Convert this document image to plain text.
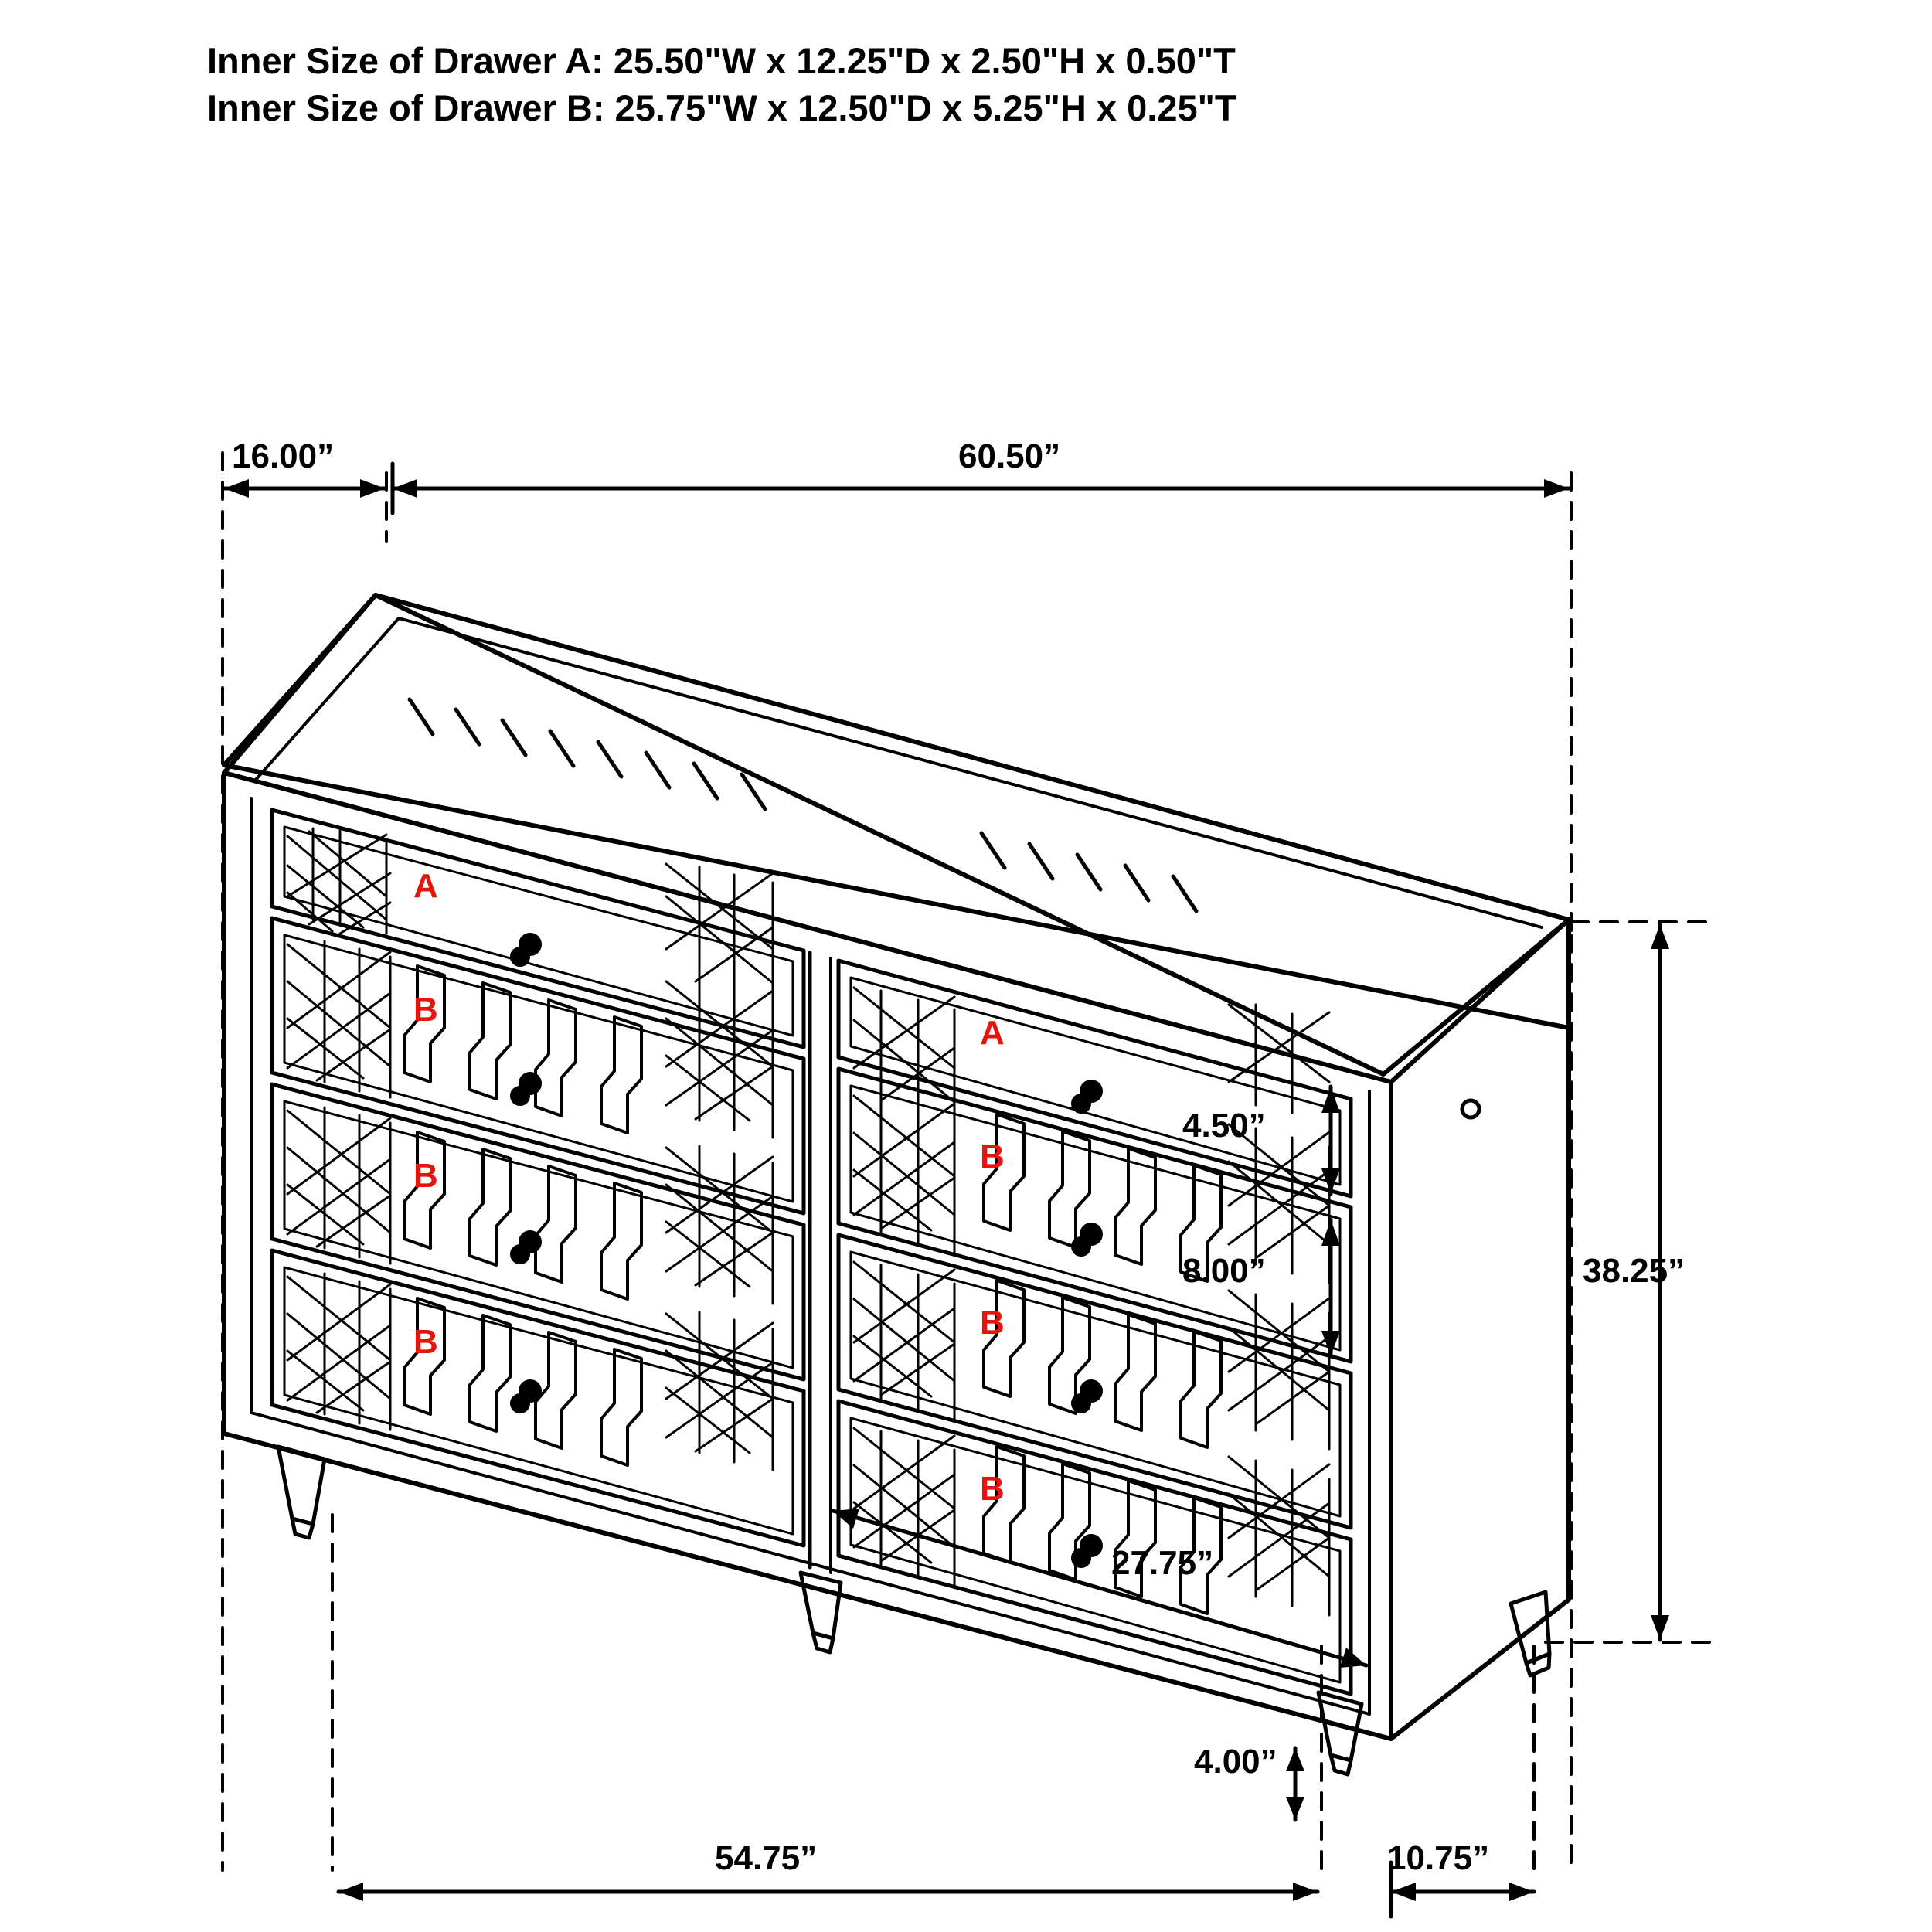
Inner Size of Drawer A: 25.50"W x 12.25"D x 2.50"H x 0.50"T
Inner Size of Drawer B: 25.75"W x 12.50"D x 5.25"H x 0.25"T
16.00”	60.50”
38.25”
4.50”
8.00”
27.75”
4.00”
54.75”	10.75”
A
B
B
B
A
B
B
B
